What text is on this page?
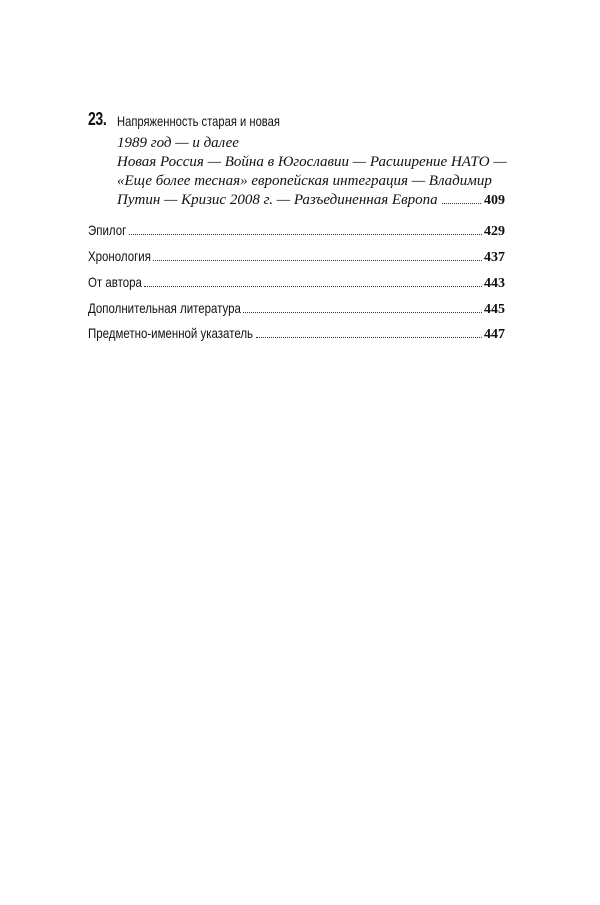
23. Напряженность старая и новая
1989 год — и далее
Новая Россия — Война в Югославии — Расширение НАТО —
«Еще более тесная» европейская интеграция — Владимир
Путин — Кризис 2008 г. — Разъединенная Европа	409
Эпилог	429
Хронология	437
От автора	443
Дополнительная литература	445
Предметно-именной указатель	447
